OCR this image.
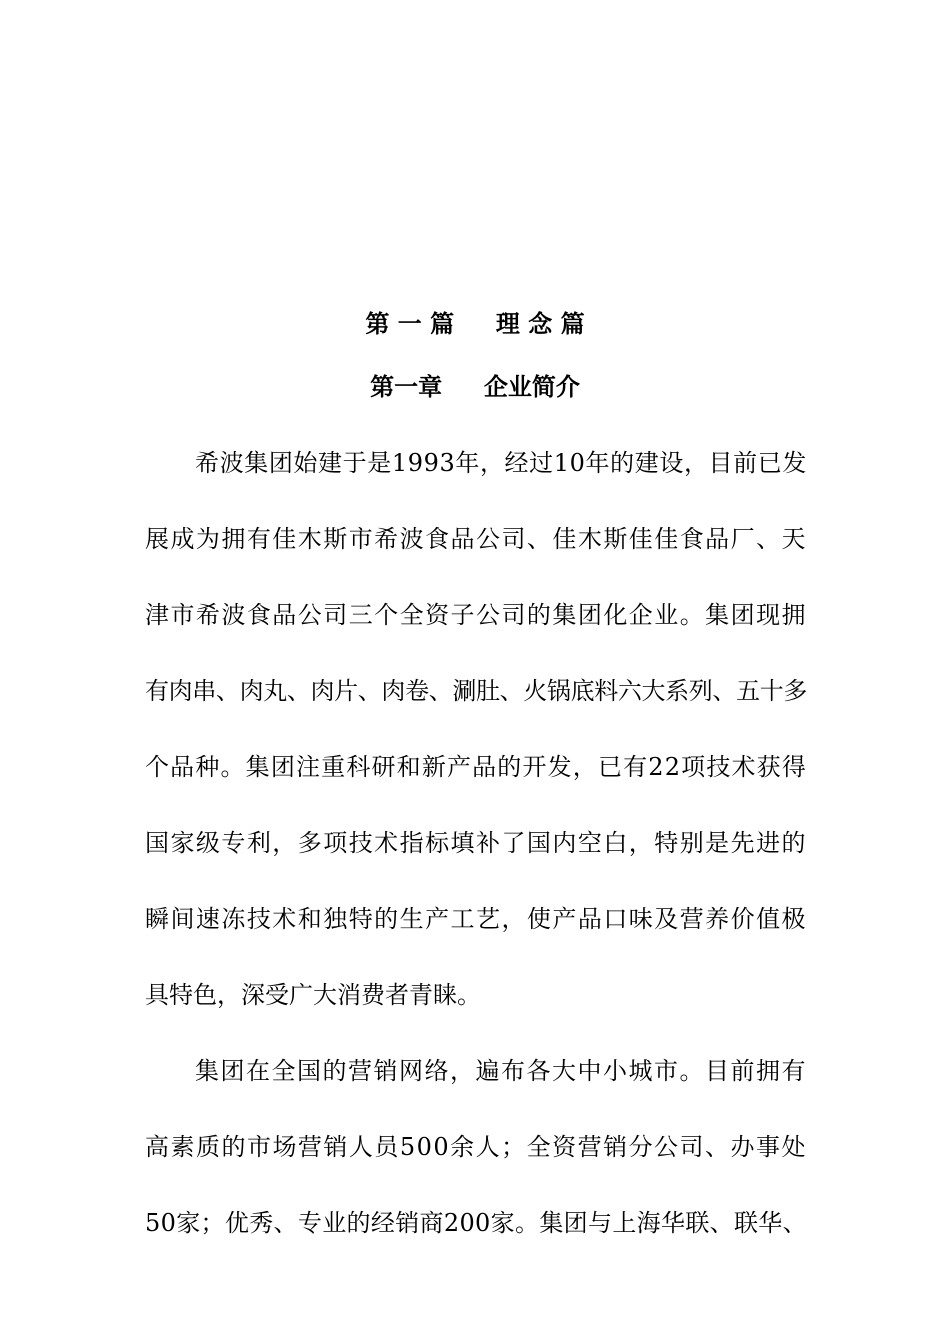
第 一 篇     理 念 篇
第一章     企业简介
希波集团始建于是1993年，经过10年的建设，目前已发
展成为拥有佳木斯市希波食品公司、佳木斯佳佳食品厂、天
津市希波食品公司三个全资子公司的集团化企业。集团现拥
有肉串、肉丸、肉片、肉卷、涮肚、火锅底料六大系列、五十多
个品种。集团注重科研和新产品的开发，已有22项技术获得
国家级专利，多项技术指标填补了国内空白，特别是先进的
瞬间速冻技术和独特的生产工艺，使产品口味及营养价值极
具特色，深受广大消费者青睐。
集团在全国的营销网络，遍布各大中小城市。目前拥有
高素质的市场营销人员500余人；全资营销分公司、办事处
50家；优秀、专业的经销商200家。集团与上海华联、联华、
